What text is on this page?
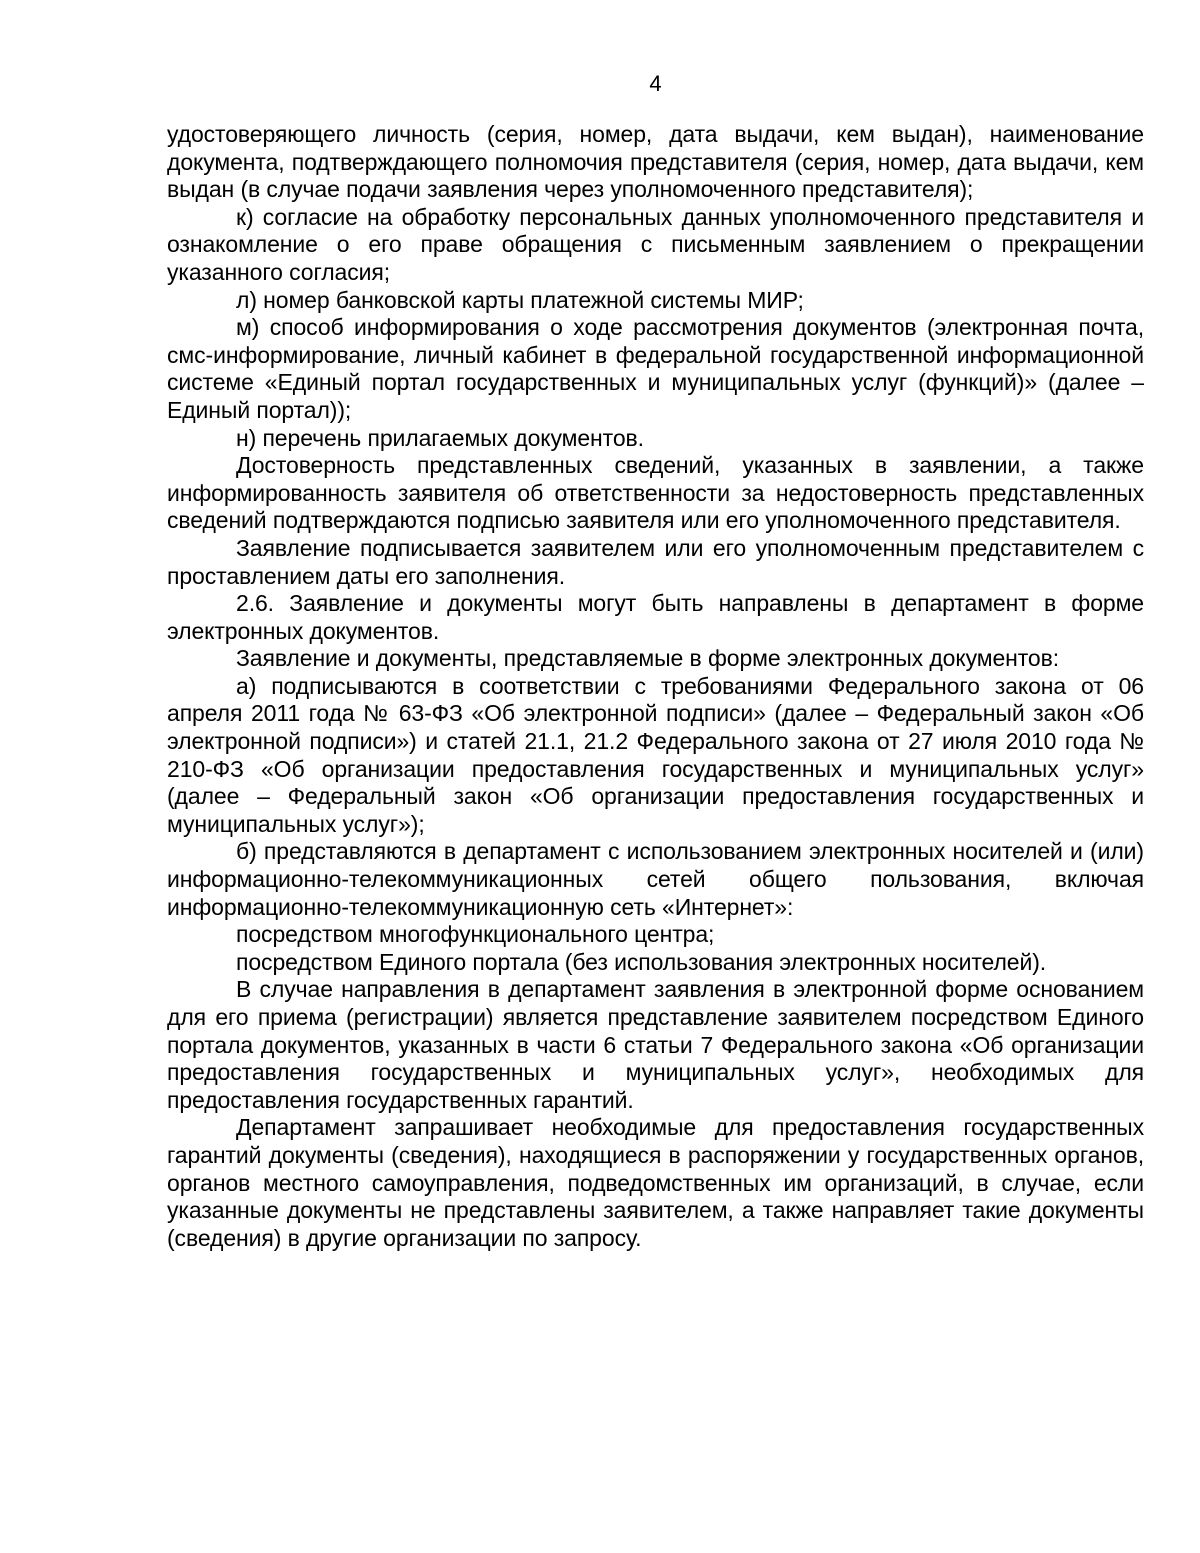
4

удостоверяющего личность (серия, номер, дата выдачи, кем выдан), наименование документа, подтверждающего полномочия представителя (серия, номер, дата выдачи, кем выдан (в случае подачи заявления через уполномоченного представителя);

к) согласие на обработку персональных данных уполномоченного представителя и ознакомление о его праве обращения с письменным заявлением о прекращении указанного согласия;

л) номер банковской карты платежной системы МИР;

м) способ информирования о ходе рассмотрения документов (электронная почта, смс-информирование, личный кабинет в федеральной государственной информационной системе «Единый портал государственных и муниципальных услуг (функций)» (далее – Единый портал));

н) перечень прилагаемых документов.

Достоверность представленных сведений, указанных в заявлении, а также информированность заявителя об ответственности за недостоверность представленных сведений подтверждаются подписью заявителя или его уполномоченного представителя.

Заявление подписывается заявителем или его уполномоченным представителем с проставлением даты его заполнения.

2.6. Заявление и документы могут быть направлены в департамент в форме электронных документов.

Заявление и документы, представляемые в форме электронных документов:

а) подписываются в соответствии с требованиями Федерального закона от 06 апреля 2011 года № 63-ФЗ «Об электронной подписи» (далее – Федеральный закон «Об электронной подписи») и статей 21.1, 21.2 Федерального закона от 27 июля 2010 года № 210-ФЗ «Об организации предоставления государственных и муниципальных услуг» (далее – Федеральный закон «Об организации предоставления государственных и муниципальных услуг»);

б) представляются в департамент с использованием электронных носителей и (или) информационно-телекоммуникационных сетей общего пользования, включая информационно-телекоммуникационную сеть «Интернет»:

посредством многофункционального центра;

посредством Единого портала (без использования электронных носителей).

В случае направления в департамент заявления в электронной форме основанием для его приема (регистрации) является представление заявителем посредством Единого портала документов, указанных в части 6 статьи 7 Федерального закона «Об организации предоставления государственных и муниципальных услуг», необходимых для предоставления государственных гарантий.

Департамент запрашивает необходимые для предоставления государственных гарантий документы (сведения), находящиеся в распоряжении у государственных органов, органов местного самоуправления, подведомственных им организаций, в случае, если указанные документы не представлены заявителем, а также направляет такие документы (сведения) в другие организации по запросу.
